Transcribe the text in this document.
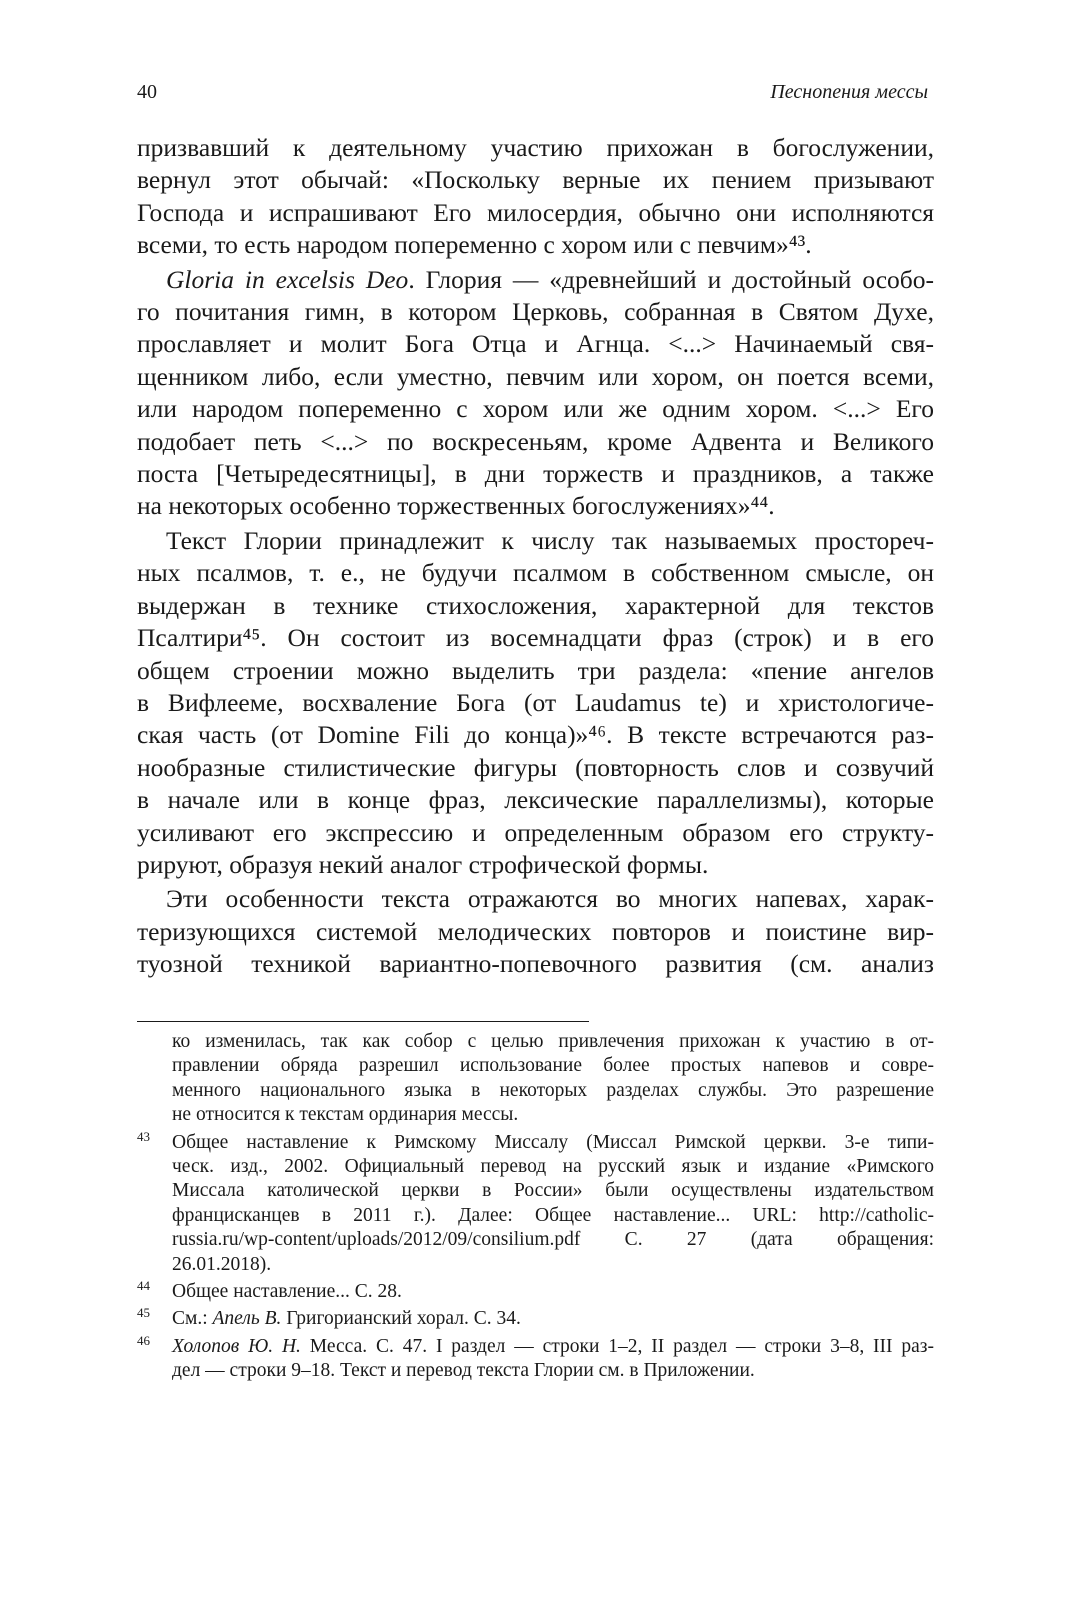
40	Песнопения мессы
призвавший к деятельному участию прихожан в богослужении,
вернул этот обычай: «Поскольку верные их пением призывают
Господа и испрашивают Его милосердия, обычно они исполняются
всеми, то есть народом попеременно с хором или с певчим»⁴³.
Gloria in excelsis Deo. Глория — «древнейший и достойный особо-
го почитания гимн, в котором Церковь, собранная в Святом Духе,
прославляет и молит Бога Отца и Агнца. <...> Начинаемый свя-
щенником либо, если уместно, певчим или хором, он поется всеми,
или народом попеременно с хором или же одним хором. <...> Его
подобает петь <...> по воскресеньям, кроме Адвента и Великого
поста [Четыредесятницы], в дни торжеств и праздников, а также
на некоторых особенно торжественных богослужениях»⁴⁴.
Текст Глории принадлежит к числу так называемых простореч-
ных псалмов, т. е., не будучи псалмом в собственном смысле, он
выдержан в технике стихосложения, характерной для текстов
Псалтири⁴⁵. Он состоит из восемнадцати фраз (строк) и в его
общем строении можно выделить три раздела: «пение ангелов
в Вифлееме, восхваление Бога (от Laudamus te) и христологиче-
ская часть (от Domine Fili до конца)»⁴⁶. В тексте встречаются раз-
нообразные стилистические фигуры (повторность слов и созвучий
в начале или в конце фраз, лексические параллелизмы), которые
усиливают его экспрессию и определенным образом его структу-
рируют, образуя некий аналог строфической формы.
Эти особенности текста отражаются во многих напевах, харак-
теризующихся системой мелодических повторов и поистине вир-
туозной техникой вариантно-попевочного развития (см. анализ
ко изменилась, так как собор с целью привлечения прихожан к участию в от-
правлении обряда разрешил использование более простых напевов и совре-
менного национального языка в некоторых разделах службы. Это разрешение
не относится к текстам ординария мессы.
43 Общее наставление к Римскому Миссалу (Миссал Римской церкви. 3-е типи-
ческ. изд., 2002. Официальный перевод на русский язык и издание «Римского
Миссала католической церкви в России» были осуществлены издательством
францисканцев в 2011 г.). Далее: Общее наставление... URL: http://catholic-
russia.ru/wp-content/uploads/2012/09/consilium.pdf С. 27 (дата обращения:
26.01.2018).
44 Общее наставление... С. 28.
45 См.: Апель В. Григорианский хорал. С. 34.
46 Холопов Ю. Н. Месса. С. 47. I раздел — строки 1–2, II раздел — строки 3–8, III раз-
дел — строки 9–18. Текст и перевод текста Глории см. в Приложении.
